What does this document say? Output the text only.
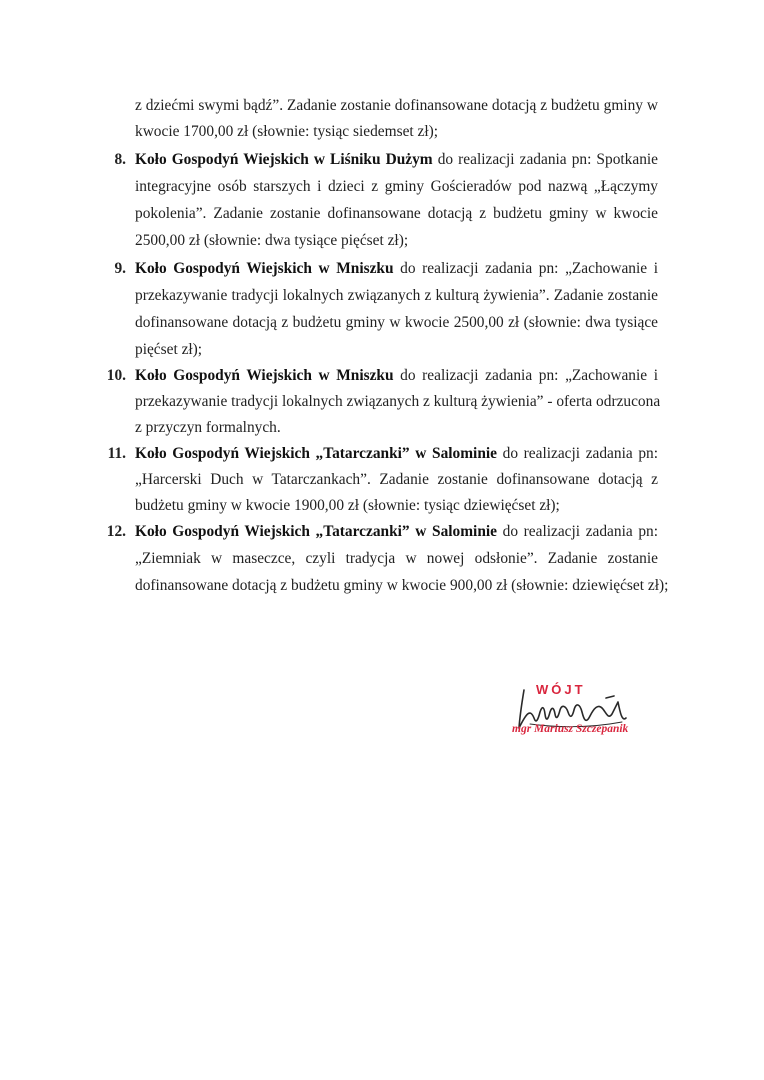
z dziećmi swymi bądź”. Zadanie zostanie dofinansowane dotacją z budżetu gminy w

kwocie 1700,00 zł (słownie: tysiąc siedemset zł);

8. Koło Gospodyń Wiejskich w Liśniku Dużym do realizacji zadania pn: Spotkanie

integracyjne osób starszych i dzieci z gminy Gościeradów pod nazwą „Łączymy

pokolenia”. Zadanie zostanie dofinansowane dotacją z budżetu gminy w kwocie

2500,00 zł (słownie: dwa tysiące pięćset zł);

9. Koło Gospodyń Wiejskich w Mniszku do realizacji zadania pn: „Zachowanie i

przekazywanie tradycji lokalnych związanych z kulturą żywienia”. Zadanie zostanie

dofinansowane dotacją z budżetu gminy w kwocie 2500,00 zł (słownie: dwa tysiące

pięćset zł);

10. Koło Gospodyń Wiejskich w Mniszku do realizacji zadania pn: „Zachowanie i

przekazywanie tradycji lokalnych związanych z kulturą żywienia” - oferta odrzucona

z przyczyn formalnych.

11. Koło Gospodyń Wiejskich „Tatarczanki” w Salominie do realizacji zadania pn:

„Harcerski Duch w Tatarczankach”. Zadanie zostanie dofinansowane dotacją z

budżetu gminy w kwocie 1900,00 zł (słownie: tysiąc dziewięćset zł);

12. Koło Gospodyń Wiejskich „Tatarczanki” w Salominie do realizacji zadania pn:

„Ziemniak w maseczce, czyli tradycja w nowej odsłonie”. Zadanie zostanie

dofinansowane dotacją z budżetu gminy w kwocie 900,00 zł (słownie: dziewięćset zł);

WÓJT

mgr Mariusz Szczepanik
